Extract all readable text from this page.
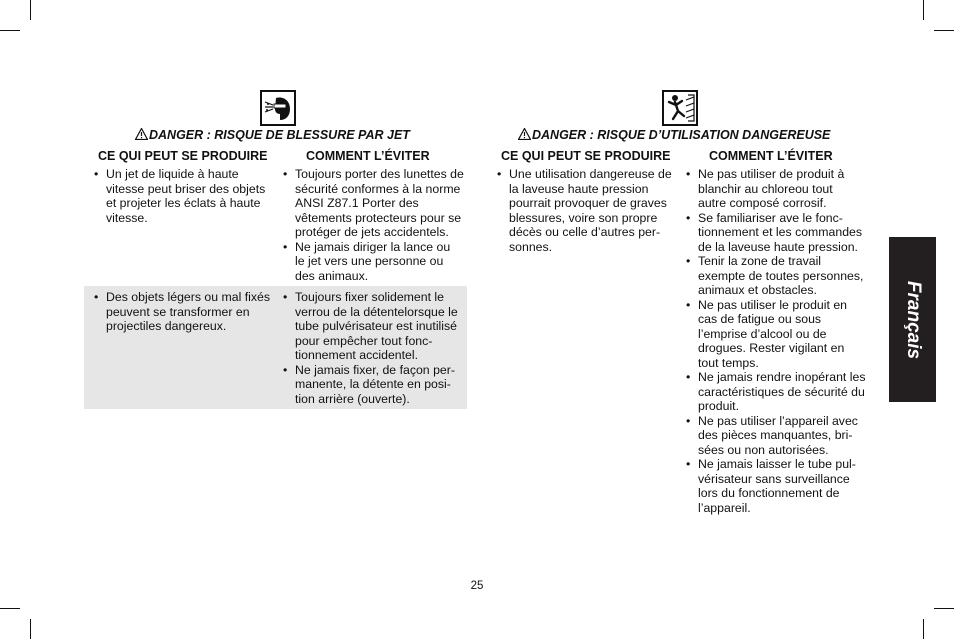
DANGER : RISQUE DE BLESSURE PAR JET
CE QUI PEUT SE PRODUIRE	COMMENT L’ÉVITER
• Un jet de liquide à haute vitesse peut briser des objets et projeter les éclats à haute vitesse.
• Toujours porter des lunettes de sécurité conformes à la norme ANSI Z87.1 Porter des vêtements protecteurs pour se protéger de jets accidentels.
• Ne jamais diriger la lance ou le jet vers une personne ou des animaux.
• Des objets légers ou mal fixés peuvent se transformer en projectiles dangereux.
• Toujours fixer solidement le verrou de la détentelorsque le tube pulvérisateur est inutilisé pour empêcher tout fonc-tionnement accidentel.
• Ne jamais fixer, de façon per-manente, la détente en posi-tion arrière (ouverte).
DANGER : RISQUE D’UTILISATION DANGEREUSE
CE QUI PEUT SE PRODUIRE	COMMENT L’ÉVITER
• Une utilisation dangereuse de la laveuse haute pression pourrait provoquer de graves blessures, voire son propre décès ou celle d’autres per-sonnes.
• Ne pas utiliser de produit à blanchir au chloreou tout autre composé corrosif.
• Se familiariser ave le fonc-tionnement et les commandes de la laveuse haute pression.
• Tenir la zone de travail exempte de toutes personnes, animaux et obstacles.
• Ne pas utiliser le produit en cas de fatigue ou sous l’emprise d’alcool ou de drogues. Rester vigilant en tout temps.
• Ne jamais rendre inopérant les caractéristiques de sécurité du produit.
• Ne pas utiliser l’appareil avec des pièces manquantes, bri-sées ou non autorisées.
• Ne jamais laisser le tube pul-vérisateur sans surveillance lors du fonctionnement de l’appareil.
Français
25
